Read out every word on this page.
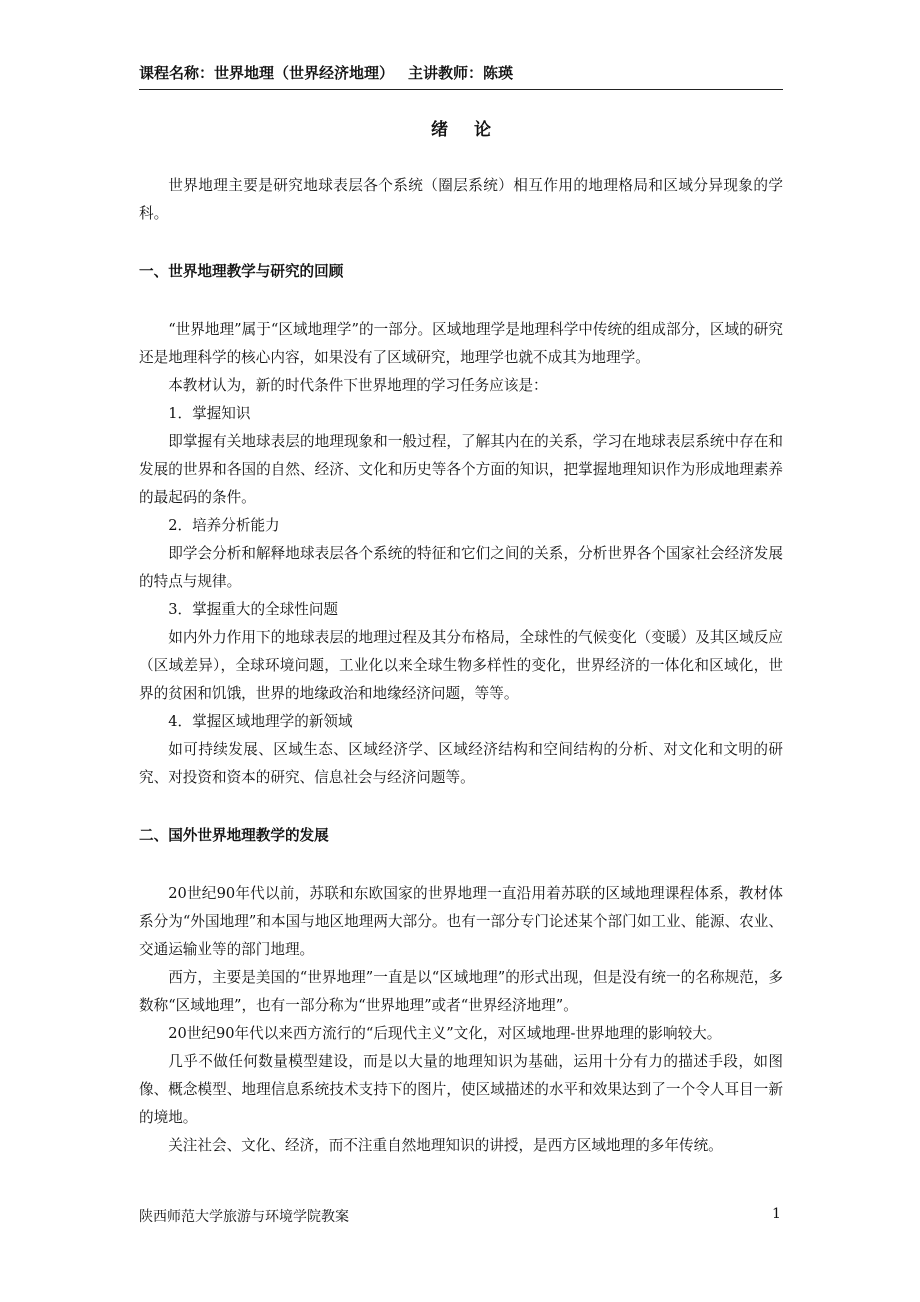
课程名称：世界地理（世界经济地理） 主讲教师：陈瑛
绪论

世界地理主要是研究地球表层各个系统（圈层系统）相互作用的地理格局和区域分异现象的学科。

一、世界地理教学与研究的回顾

“世界地理”属于“区域地理学”的一部分。区域地理学是地理科学中传统的组成部分，区域的研究还是地理科学的核心内容，如果没有了区域研究，地理学也就不成其为地理学。

本教材认为，新的时代条件下世界地理的学习任务应该是：

1．掌握知识

即掌握有关地球表层的地理现象和一般过程，了解其内在的关系，学习在地球表层系统中存在和发展的世界和各国的自然、经济、文化和历史等各个方面的知识，把掌握地理知识作为形成地理素养的最起码的条件。

2．培养分析能力

即学会分析和解释地球表层各个系统的特征和它们之间的关系，分析世界各个国家社会经济发展的特点与规律。

3．掌握重大的全球性问题

如内外力作用下的地球表层的地理过程及其分布格局，全球性的气候变化（变暖）及其区域反应（区域差异），全球环境问题，工业化以来全球生物多样性的变化，世界经济的一体化和区域化，世界的贫困和饥饿，世界的地缘政治和地缘经济问题，等等。

4．掌握区域地理学的新领域

如可持续发展、区域生态、区域经济学、区域经济结构和空间结构的分析、对文化和文明的研究、对投资和资本的研究、信息社会与经济问题等。

二、国外世界地理教学的发展

20世纪90年代以前，苏联和东欧国家的世界地理一直沿用着苏联的区域地理课程体系，教材体系分为“外国地理”和本国与地区地理两大部分。也有一部分专门论述某个部门如工业、能源、农业、交通运输业等的部门地理。

西方，主要是美国的“世界地理”一直是以“区域地理”的形式出现，但是没有统一的名称规范，多数称“区域地理”，也有一部分称为“世界地理”或者“世界经济地理”。

20世纪90年代以来西方流行的“后现代主义”文化，对区域地理-世界地理的影响较大。

几乎不做任何数量模型建设，而是以大量的地理知识为基础，运用十分有力的描述手段，如图像、概念模型、地理信息系统技术支持下的图片，使区域描述的水平和效果达到了一个令人耳目一新的境地。

关注社会、文化、经济，而不注重自然地理知识的讲授，是西方区域地理的多年传统。

陕西师范大学旅游与环境学院教案	1
